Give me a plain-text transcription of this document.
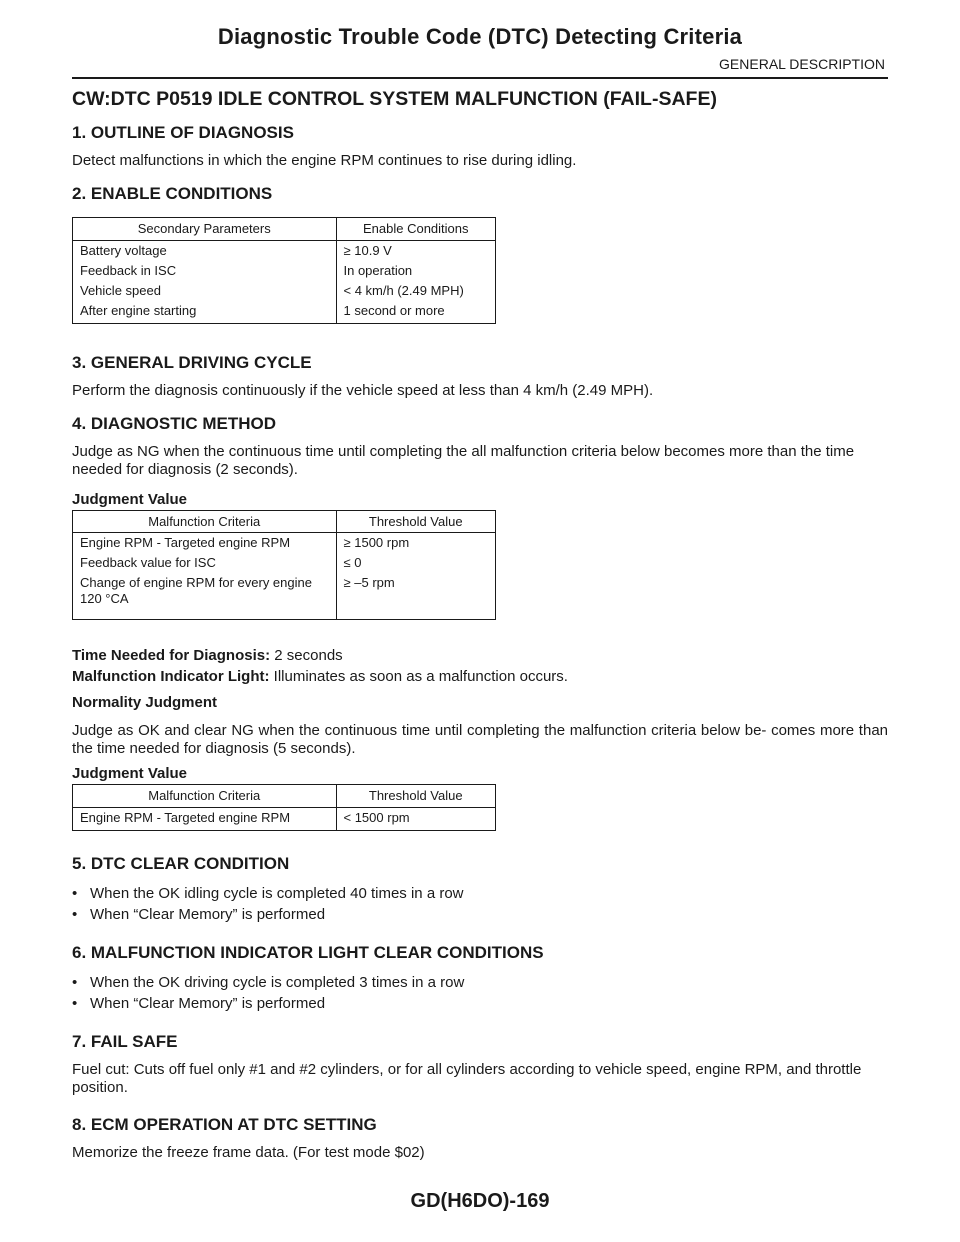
Diagnostic Trouble Code (DTC) Detecting Criteria
GENERAL DESCRIPTION
CW:DTC P0519 IDLE CONTROL SYSTEM MALFUNCTION (FAIL-SAFE)
1. OUTLINE OF DIAGNOSIS

Detect malfunctions in which the engine RPM continues to rise during idling.

2. ENABLE CONDITIONS
Secondary Parameters	Enable Conditions
Battery voltage	≥ 10.9 V
Feedback in ISC	In operation
Vehicle speed	< 4 km/h (2.49 MPH)
After engine starting	1 second or more
3. GENERAL DRIVING CYCLE

Perform the diagnosis continuously if the vehicle speed at less than 4 km/h (2.49 MPH).

4. DIAGNOSTIC METHOD

Judge as NG when the continuous time until completing the all malfunction criteria below becomes more than the time needed for diagnosis (2 seconds).

Judgment Value
Malfunction Criteria	Threshold Value
Engine RPM - Targeted engine RPM	≥ 1500 rpm
Feedback value for ISC	≤ 0
Change of engine RPM for every engine 120 °CA	≥ –5 rpm

Time Needed for Diagnosis: 2 seconds

Malfunction Indicator Light: Illuminates as soon as a malfunction occurs.

Normality Judgment

Judge as OK and clear NG when the continuous time until completing the malfunction criteria below be- comes more than the time needed for diagnosis (5 seconds).

Judgment Value
Malfunction Criteria	Threshold Value
Engine RPM - Targeted engine RPM	< 1500 rpm
5. DTC CLEAR CONDITION
• When the OK idling cycle is completed 40 times in a row
• When “Clear Memory” is performed
6. MALFUNCTION INDICATOR LIGHT CLEAR CONDITIONS
• When the OK driving cycle is completed 3 times in a row
• When “Clear Memory” is performed
7. FAIL SAFE

Fuel cut: Cuts off fuel only #1 and #2 cylinders, or for all cylinders according to vehicle speed, engine RPM, and throttle position.

8. ECM OPERATION AT DTC SETTING

Memorize the freeze frame data. (For test mode $02)

GD(H6DO)-169
